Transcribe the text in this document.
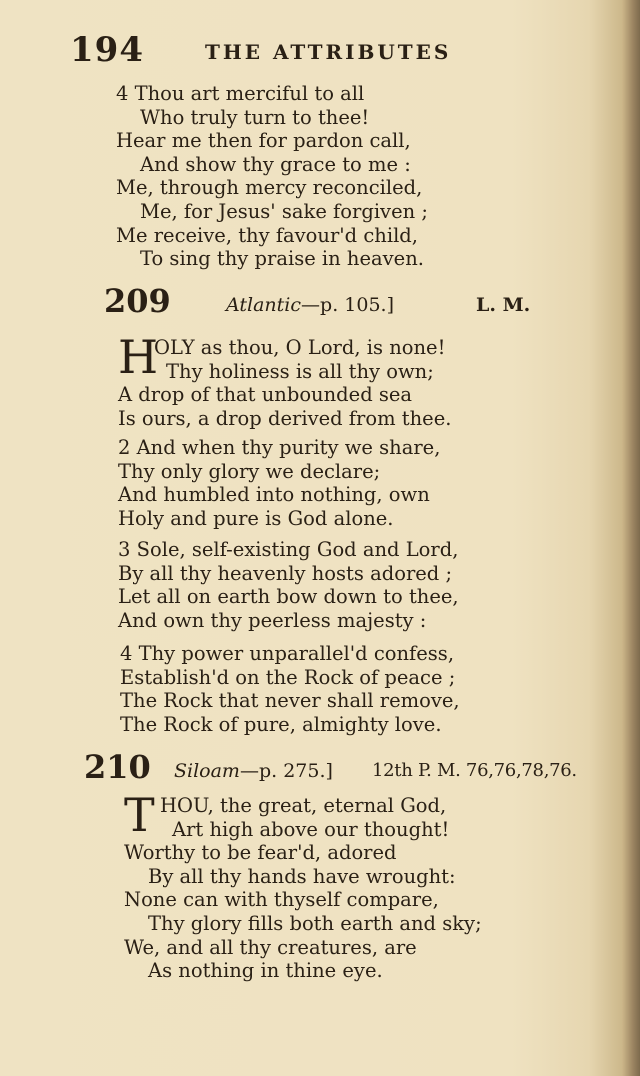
194	THE ATTRIBUTES
4 Thou art merciful to all
Who truly turn to thee!
Hear me then for pardon call,
And show thy grace to me :
Me, through mercy reconciled,
Me, for Jesus' sake forgiven ;
Me receive, thy favour'd child,
To sing thy praise in heaven.
209	Atlantic—p. 105.]	L. M.
H
OLY as thou, O Lord, is none!
Thy holiness is all thy own;
A drop of that unbounded sea
Is ours, a drop derived from thee.
2 And when thy purity we share,
Thy only glory we declare;
And humbled into nothing, own
Holy and pure is God alone.
3 Sole, self-existing God and Lord,
By all thy heavenly hosts adored ;
Let all on earth bow down to thee,
And own thy peerless majesty :
4 Thy power unparallel'd confess,
Establish'd on the Rock of peace ;
The Rock that never shall remove,
The Rock of pure, almighty love.
210 Siloam—p. 275.] 12th P. M. 76,76,78,76.
T HOU, the great, eternal God,
Art high above our thought!
Worthy to be fear'd, adored
By all thy hands have wrought:
None can with thyself compare,
Thy glory fills both earth and sky;
We, and all thy creatures, are
As nothing in thine eye.
